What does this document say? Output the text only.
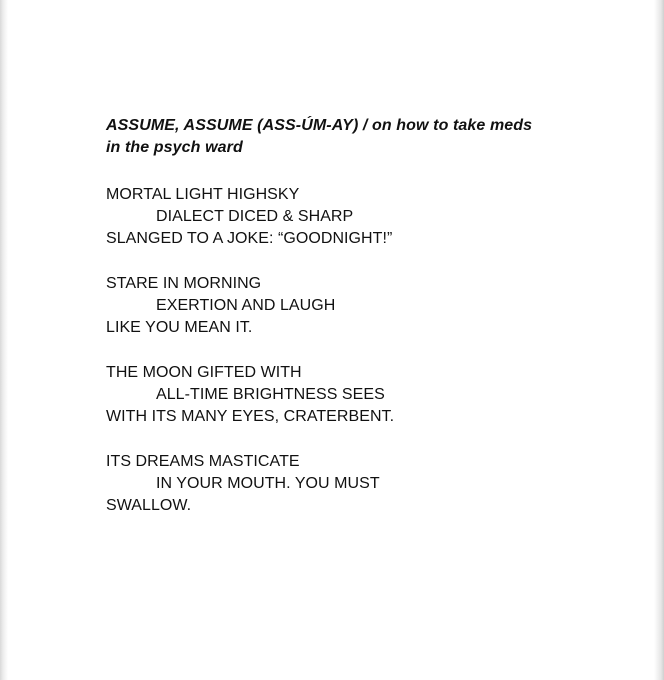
ASSUME, ASSUME (ASS-ÚM-AY) / on how to take meds
in the psych ward
MORTAL LIGHT HIGHSKY
DIALECT DICED & SHARP
SLANGED TO A JOKE: “GOODNIGHT!”
STARE IN MORNING
EXERTION AND LAUGH
LIKE YOU MEAN IT.
THE MOON GIFTED WITH
ALL-TIME BRIGHTNESS SEES
WITH ITS MANY EYES, CRATERBENT.
ITS DREAMS MASTICATE
IN YOUR MOUTH. YOU MUST
SWALLOW.
